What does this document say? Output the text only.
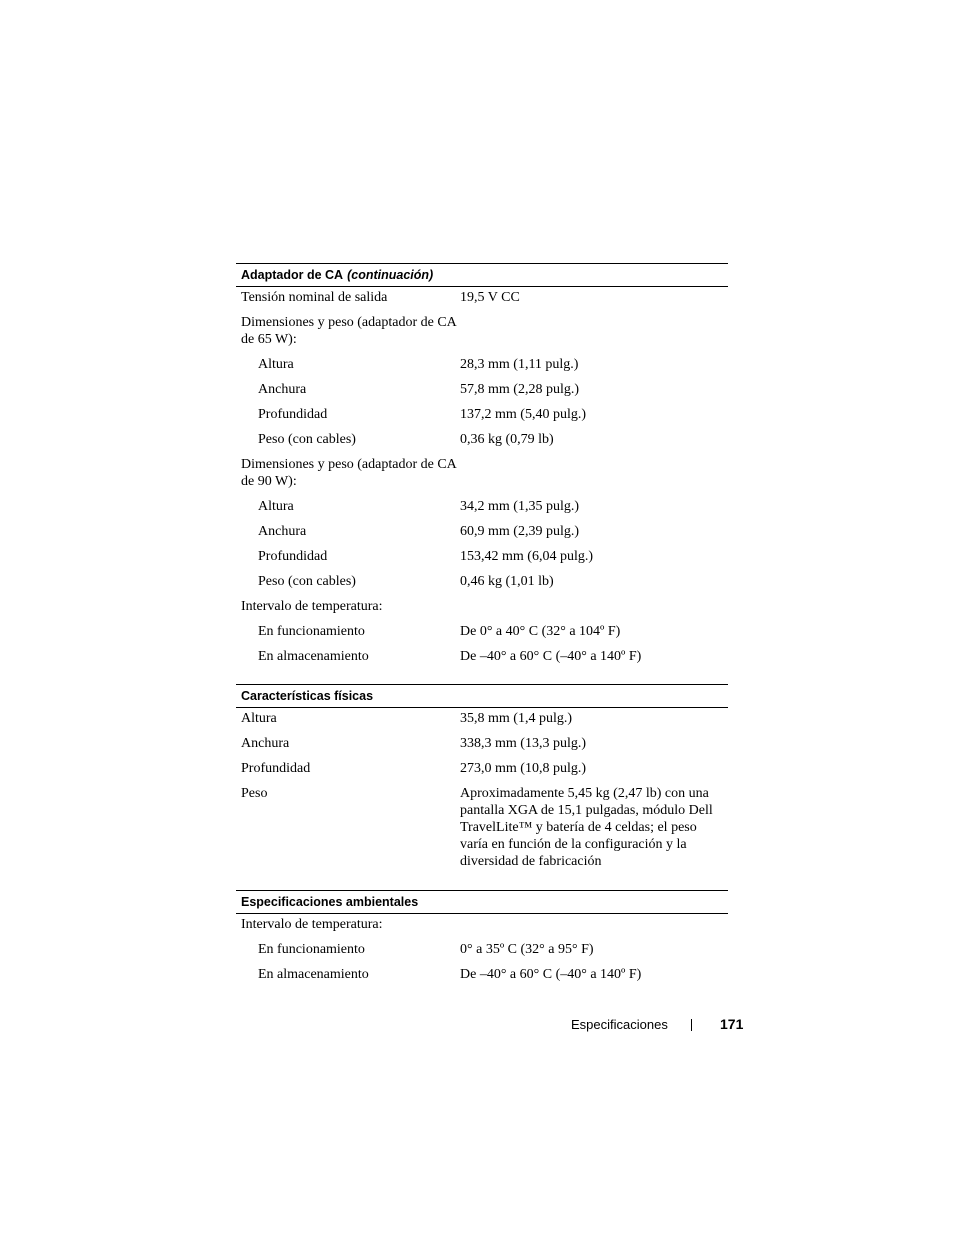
Adaptador de CA (continuación)
Tensión nominal de salida	19,5 V CC
Dimensiones y peso (adaptador de CA de 65 W):
Altura	28,3 mm (1,11 pulg.)
Anchura	57,8 mm (2,28 pulg.)
Profundidad	137,2 mm (5,40 pulg.)
Peso (con cables)	0,36 kg (0,79 lb)
Dimensiones y peso (adaptador de CA de 90 W):
Altura	34,2 mm (1,35 pulg.)
Anchura	60,9 mm (2,39 pulg.)
Profundidad	153,42 mm (6,04 pulg.)
Peso (con cables)	0,46 kg (1,01 lb)
Intervalo de temperatura:
En funcionamiento	De 0° a 40° C (32° a 104º F)
En almacenamiento	De –40° a 60° C (–40° a 140º F)
Características físicas
Altura	35,8 mm (1,4 pulg.)
Anchura	338,3 mm (13,3 pulg.)
Profundidad	273,0 mm (10,8 pulg.)
Peso	Aproximadamente 5,45 kg (2,47 lb) con una pantalla XGA de 15,1 pulgadas, módulo Dell TravelLite™ y batería de 4 celdas; el peso varía en función de la configuración y la diversidad de fabricación
Especificaciones ambientales
Intervalo de temperatura:
En funcionamiento	0° a 35º C (32° a 95° F)
En almacenamiento	De –40° a 60° C (–40° a 140º F)
Especificaciones	171
